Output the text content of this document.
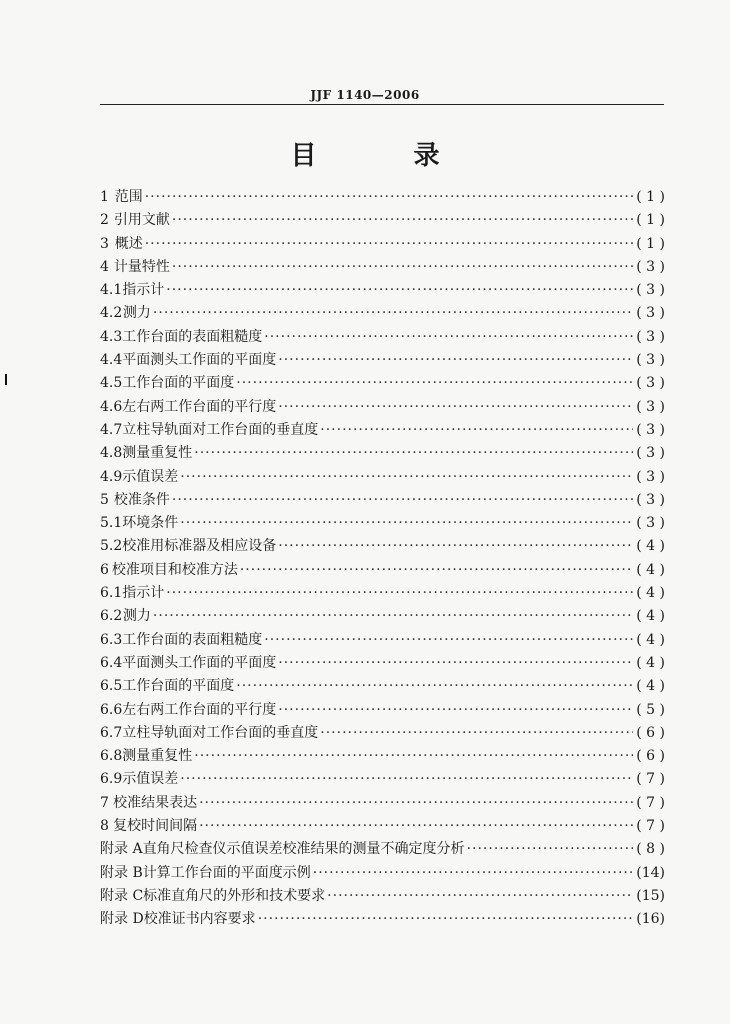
JJF 1140—2006
目 录
1 范围 ·····	( 1 )
2 引用文献 ·····	( 1 )
3 概述 ·····	( 1 )
4 计量特性 ·····	( 3 )
4.1 指示计 ·····	( 3 )
4.2 测力 ·····	( 3 )
4.3 工作台面的表面粗糙度 ·····	( 3 )
4.4 平面测头工作面的平面度 ·····	( 3 )
4.5 工作台面的平面度 ·····	( 3 )
4.6 左右两工作台面的平行度 ·····	( 3 )
4.7 立柱导轨面对工作台面的垂直度 ·····	( 3 )
4.8 测量重复性 ·····	( 3 )
4.9 示值误差 ·····	( 3 )
5 校准条件 ·····	( 3 )
5.1 环境条件 ·····	( 3 )
5.2 校准用标准器及相应设备 ·····	( 4 )
6 校准项目和校准方法 ·····	( 4 )
6.1 指示计 ·····	( 4 )
6.2 测力 ·····	( 4 )
6.3 工作台面的表面粗糙度 ·····	( 4 )
6.4 平面测头工作面的平面度 ·····	( 4 )
6.5 工作台面的平面度 ·····	( 4 )
6.6 左右两工作台面的平行度 ·····	( 5 )
6.7 立柱导轨面对工作台面的垂直度 ·····	( 6 )
6.8 测量重复性 ·····	( 6 )
6.9 示值误差 ·····	( 7 )
7 校准结果表达 ·····	( 7 )
8 复校时间间隔 ·····	( 7 )
附录 A 直角尺检查仪示值误差校准结果的测量不确定度分析 ·····	( 8 )
附录 B 计算工作台面的平面度示例 ·····	(14)
附录 C 标准直角尺的外形和技术要求 ·····	(15)
附录 D 校准证书内容要求 ·····	(16)
